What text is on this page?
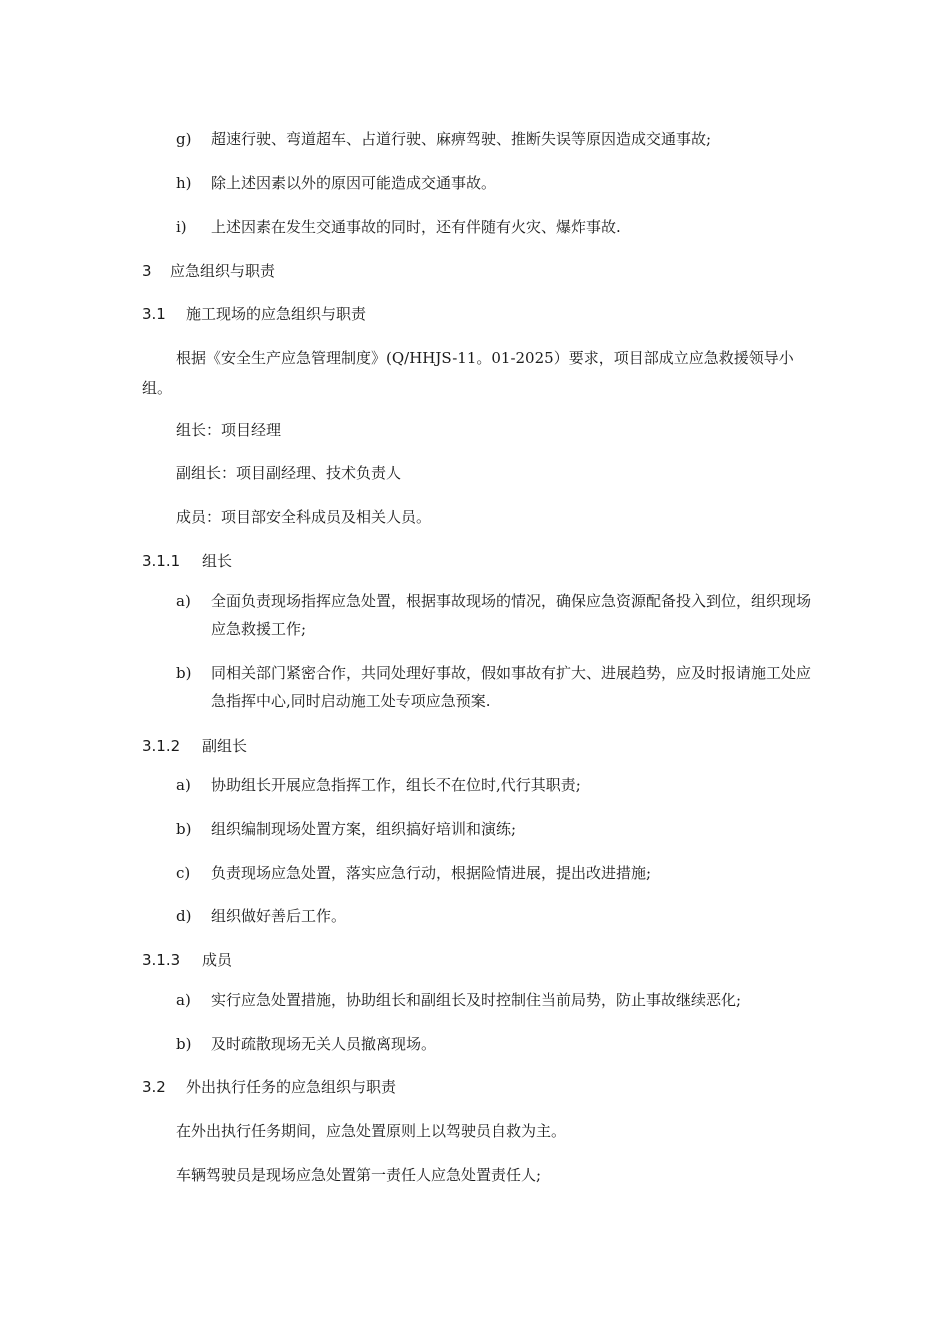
g) 超速行驶、弯道超车、占道行驶、麻痹驾驶、推断失误等原因造成交通事故;
h) 除上述因素以外的原因可能造成交通事故。
i) 上述因素在发生交通事故的同时，还有伴随有火灾、爆炸事故.
3 应急组织与职责
3.1 施工现场的应急组织与职责
根据《安全生产应急管理制度》(Q/HHJS-11。01-2025）要求，项目部成立应急救援领导小组。
组长：项目经理
副组长：项目副经理、技术负责人
成员：项目部安全科成员及相关人员。
3.1.1 组长
a) 全面负责现场指挥应急处置，根据事故现场的情况，确保应急资源配备投入到位，组织现场应急救援工作;
b) 同相关部门紧密合作，共同处理好事故，假如事故有扩大、进展趋势，应及时报请施工处应急指挥中心,同时启动施工处专项应急预案.
3.1.2 副组长
a) 协助组长开展应急指挥工作，组长不在位时,代行其职责;
b) 组织编制现场处置方案，组织搞好培训和演练;
c) 负责现场应急处置，落实应急行动，根据险情进展，提出改进措施;
d) 组织做好善后工作。
3.1.3 成员
a) 实行应急处置措施，协助组长和副组长及时控制住当前局势，防止事故继续恶化;
b) 及时疏散现场无关人员撤离现场。
3.2 外出执行任务的应急组织与职责
在外出执行任务期间，应急处置原则上以驾驶员自救为主。
车辆驾驶员是现场应急处置第一责任人应急处置责任人;
